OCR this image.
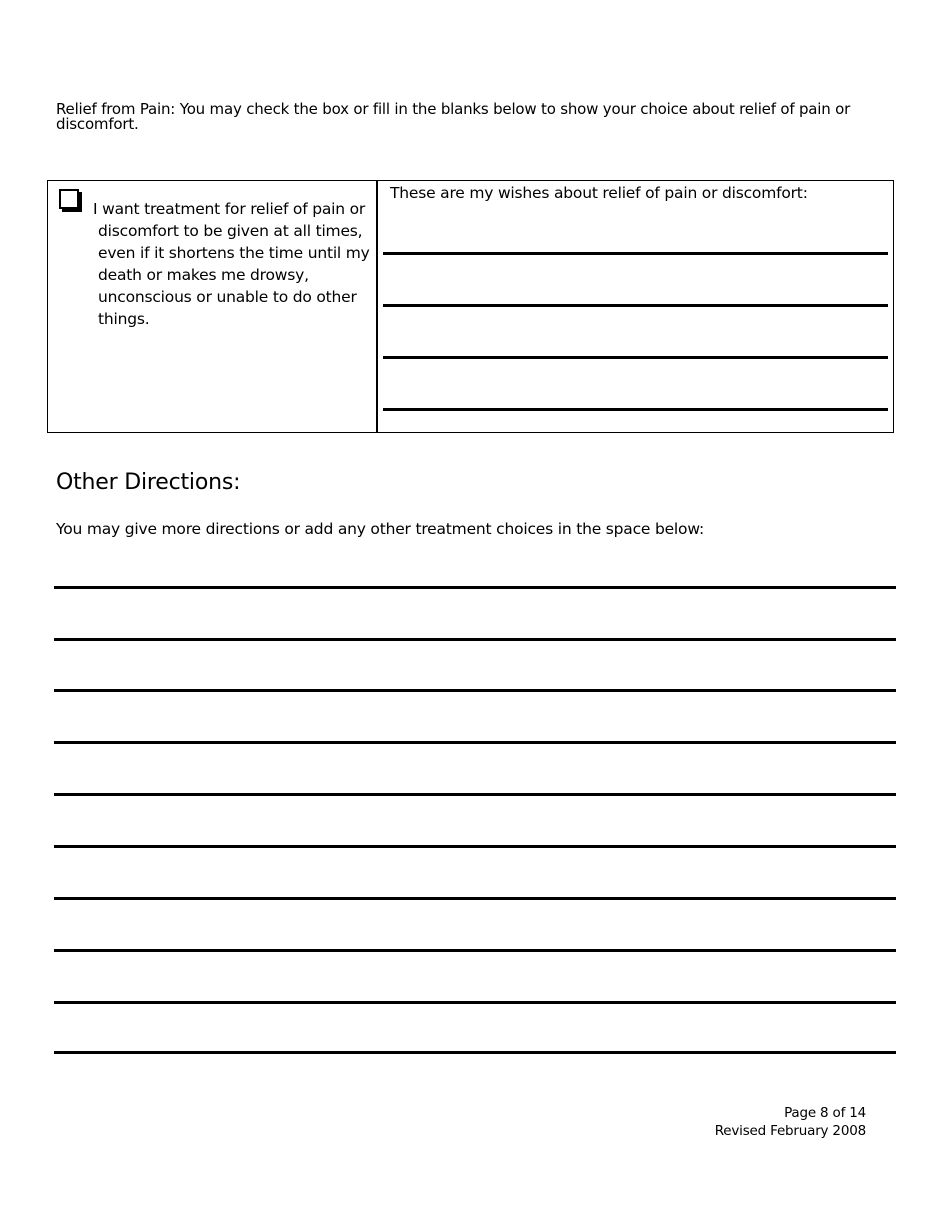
Relief from Pain: You may check the box or fill in the blanks below to show your choice about relief of pain or discomfort.
I want treatment for relief of pain or
discomfort to be given at all times, even if it shortens the time until my death or makes me drowsy, unconscious or unable to do other things.
These are my wishes about relief of pain or discomfort:
Other Directions:
You may give more directions or add any other treatment choices in the space below:
Page 8 of 14
Revised February 2008
